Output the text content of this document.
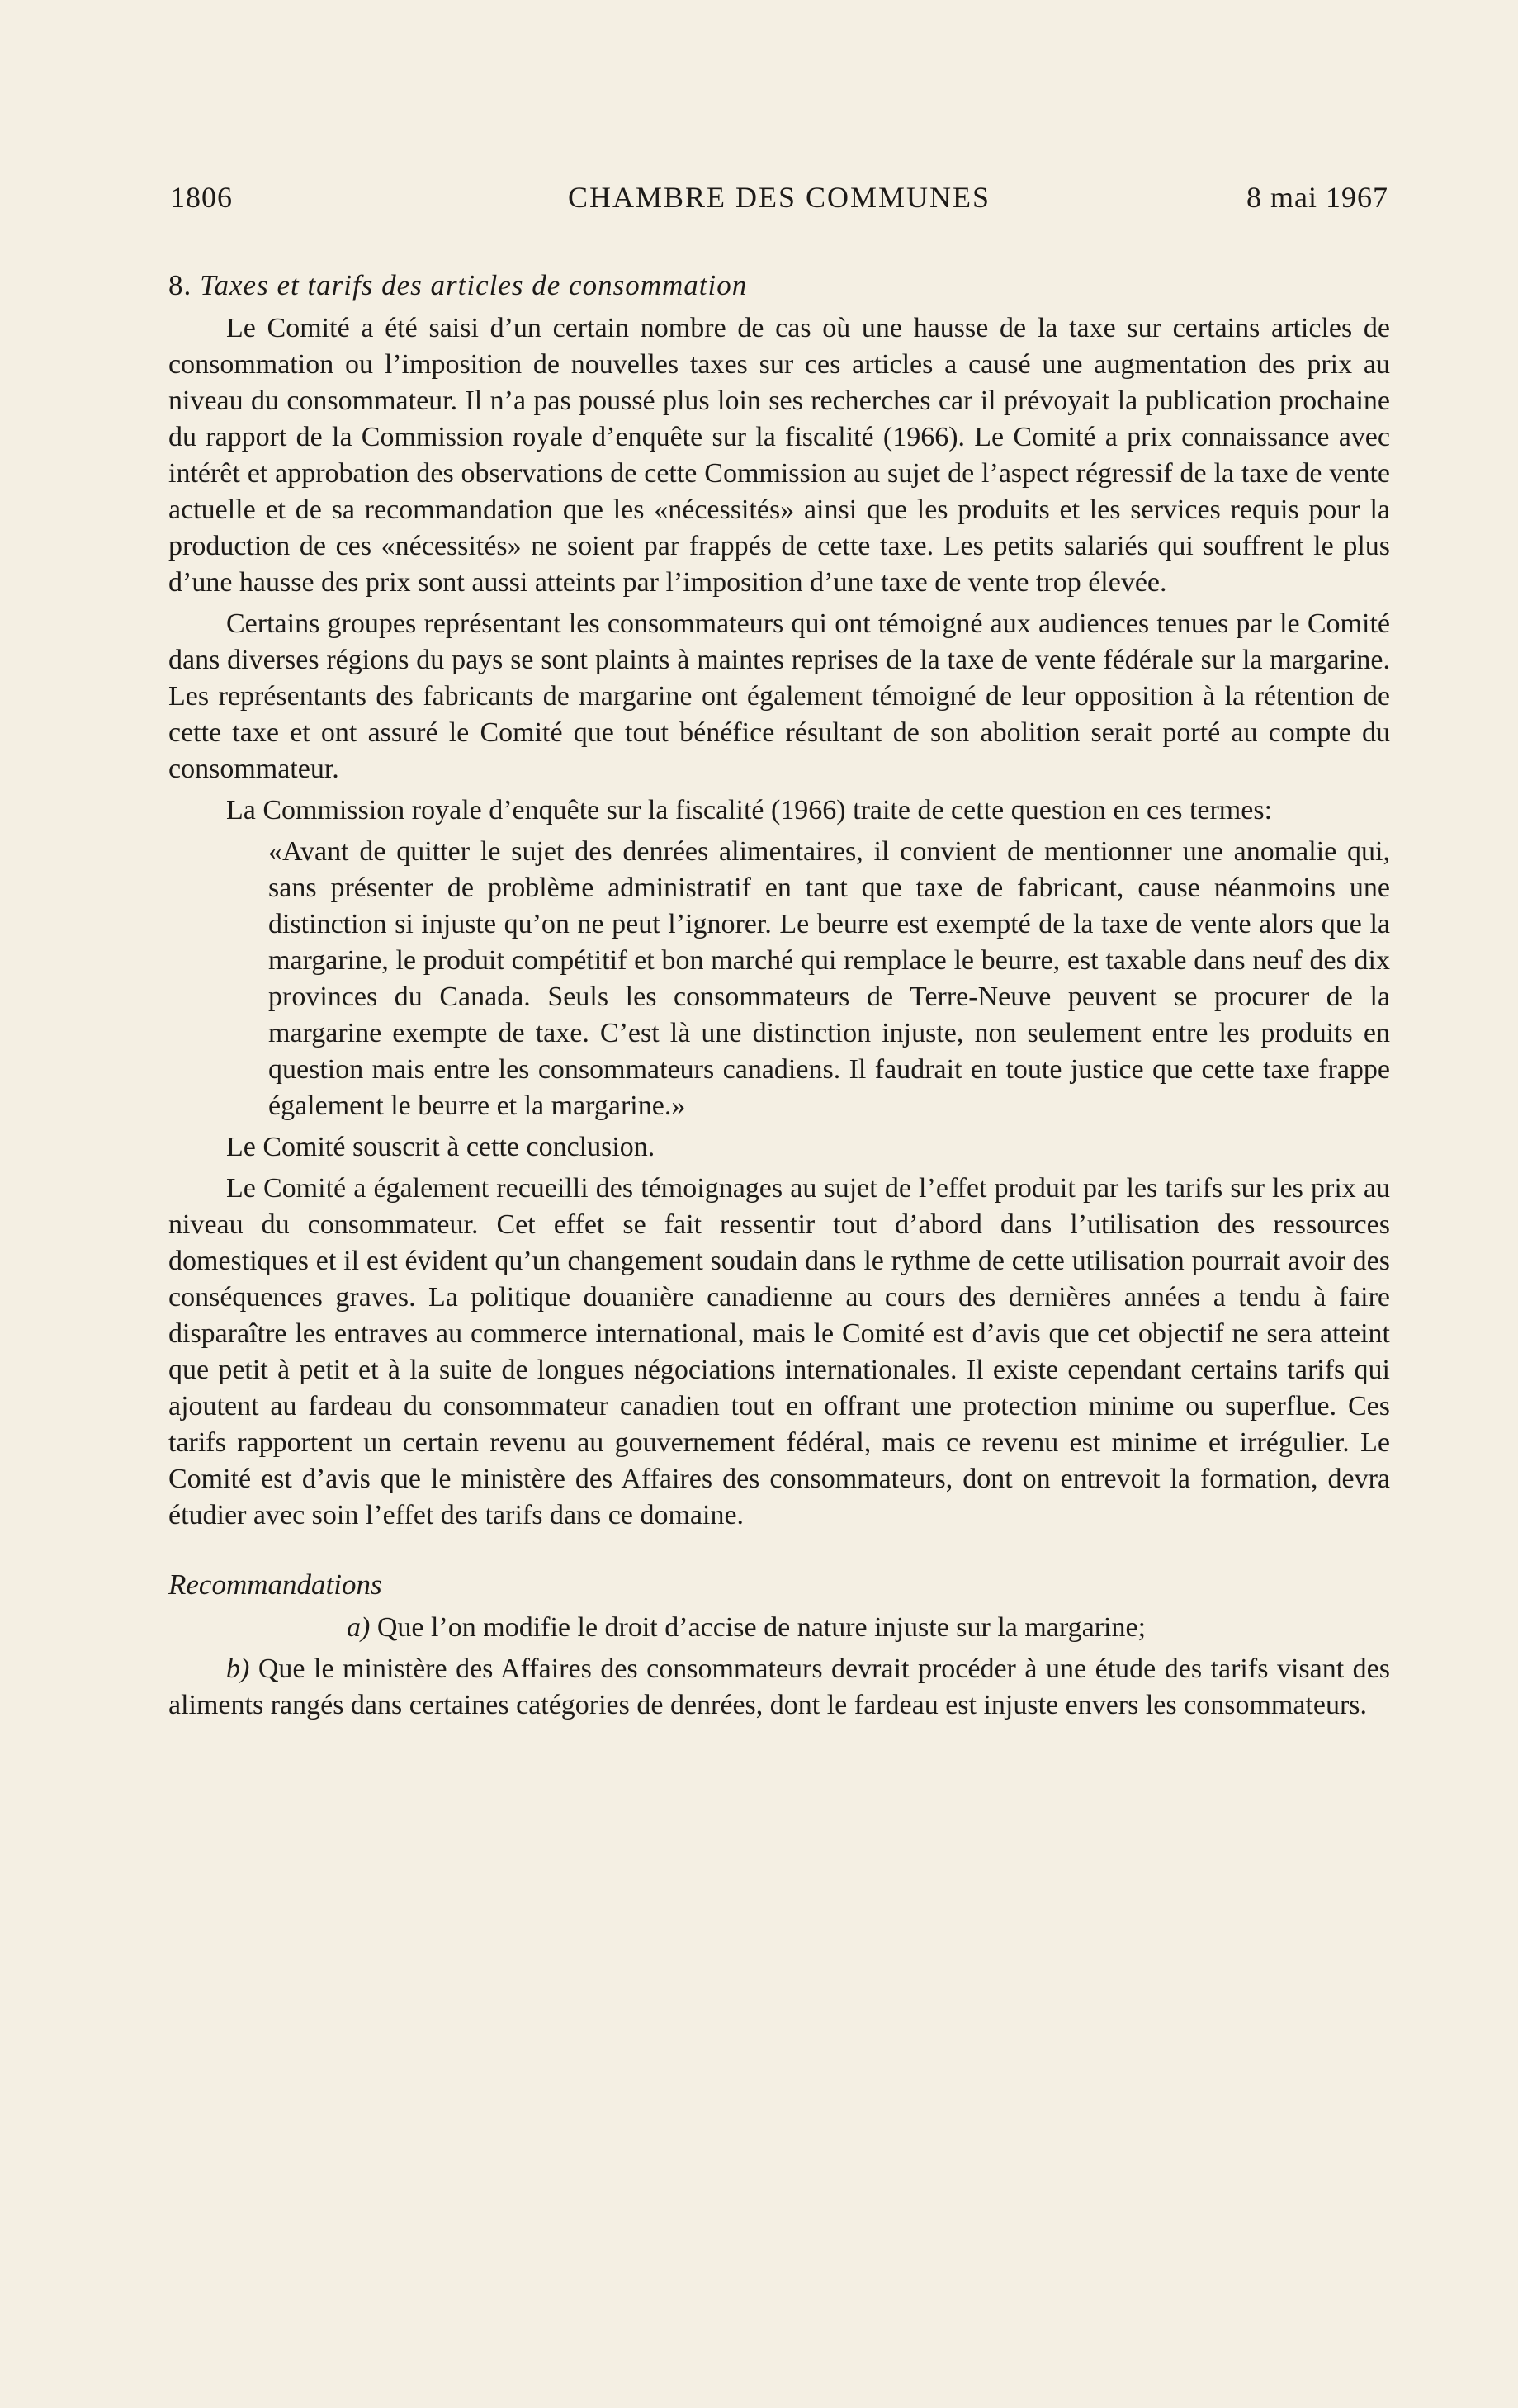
1806	CHAMBRE DES COMMUNES	8 mai 1967
8. Taxes et tarifs des articles de consommation

Le Comité a été saisi d’un certain nombre de cas où une hausse de la taxe sur certains articles de consommation ou l’imposition de nouvelles taxes sur ces articles a causé une augmentation des prix au niveau du consommateur. Il n’a pas poussé plus loin ses recherches car il prévoyait la publication prochaine du rapport de la Commission royale d’enquête sur la fiscalité (1966). Le Comité a prix connaissance avec intérêt et approbation des observations de cette Commission au sujet de l’aspect régressif de la taxe de vente actuelle et de sa recommandation que les «nécessités» ainsi que les produits et les services requis pour la production de ces «nécessités» ne soient par frappés de cette taxe. Les petits salariés qui souffrent le plus d’une hausse des prix sont aussi atteints par l’imposition d’une taxe de vente trop élevée.

Certains groupes représentant les consommateurs qui ont témoigné aux audiences tenues par le Comité dans diverses régions du pays se sont plaints à maintes reprises de la taxe de vente fédérale sur la margarine. Les représentants des fabricants de margarine ont également témoigné de leur opposition à la rétention de cette taxe et ont assuré le Comité que tout bénéfice résultant de son abolition serait porté au compte du consommateur.

La Commission royale d’enquête sur la fiscalité (1966) traite de cette question en ces termes:

«Avant de quitter le sujet des denrées alimentaires, il convient de mentionner une anomalie qui, sans présenter de problème administratif en tant que taxe de fabricant, cause néanmoins une distinction si injuste qu’on ne peut l’ignorer. Le beurre est exempté de la taxe de vente alors que la margarine, le produit compétitif et bon marché qui remplace le beurre, est taxable dans neuf des dix provinces du Canada. Seuls les consommateurs de Terre-Neuve peuvent se procurer de la margarine exempte de taxe. C’est là une distinction injuste, non seulement entre les produits en question mais entre les consommateurs canadiens. Il faudrait en toute justice que cette taxe frappe également le beurre et la margarine.»

Le Comité souscrit à cette conclusion.

Le Comité a également recueilli des témoignages au sujet de l’effet produit par les tarifs sur les prix au niveau du consommateur. Cet effet se fait ressentir tout d’abord dans l’utilisation des ressources domestiques et il est évident qu’un changement soudain dans le rythme de cette utilisation pourrait avoir des conséquences graves. La politique douanière canadienne au cours des dernières années a tendu à faire disparaître les entraves au commerce international, mais le Comité est d’avis que cet objectif ne sera atteint que petit à petit et à la suite de longues négociations internationales. Il existe cependant certains tarifs qui ajoutent au fardeau du consommateur canadien tout en offrant une protection minime ou superflue. Ces tarifs rapportent un certain revenu au gouvernement fédéral, mais ce revenu est minime et irrégulier. Le Comité est d’avis que le ministère des Affaires des consommateurs, dont on entrevoit la formation, devra étudier avec soin l’effet des tarifs dans ce domaine.

Recommandations

a) Que l’on modifie le droit d’accise de nature injuste sur la margarine;

b) Que le ministère des Affaires des consommateurs devrait procéder à une étude des tarifs visant des aliments rangés dans certaines catégories de denrées, dont le fardeau est injuste envers les consommateurs.
